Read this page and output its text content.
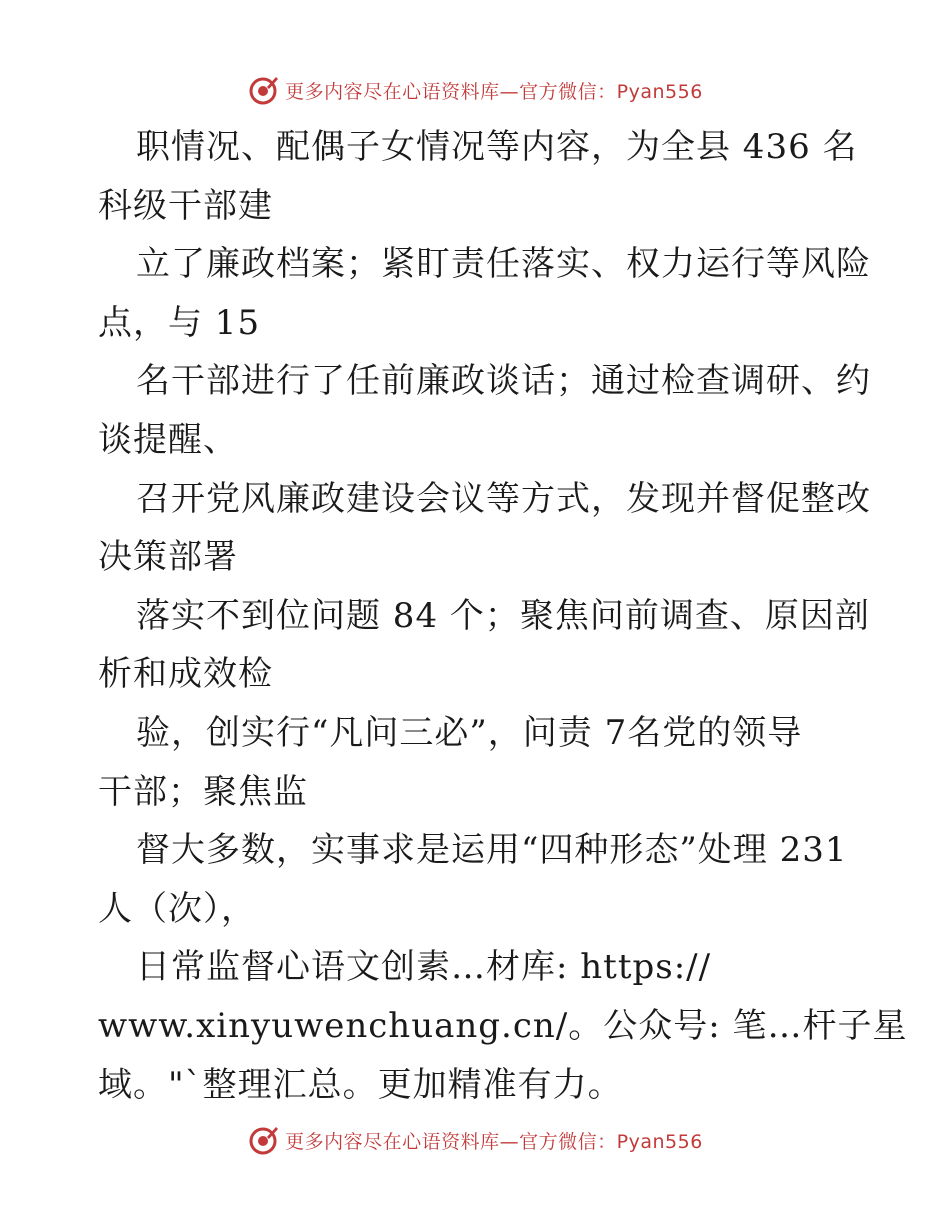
更多内容尽在心语资料库—官方微信：Pyan556
职情况、配偶子女情况等内容，为全县 436 名
科级干部建
立了廉政档案；紧盯责任落实、权力运行等风险
点，与 15
名干部进行了任前廉政谈话；通过检查调研、约
谈提醒、
召开党风廉政建设会议等方式，发现并督促整改
决策部署
落实不到位问题 84 个；聚焦问前调查、原因剖
析和成效检
验，创实行“凡问三必”，问责 7名党的领导
干部；聚焦监
督大多数，实事求是运用“四种形态”处理 231
人（次），
日常监督心语文创素…材库: https://
www.xinyuwenchuang.cn/。公众号: 笔…杆子星
域。"`整理汇总。更加精准有力。
更多内容尽在心语资料库—官方微信：Pyan556
